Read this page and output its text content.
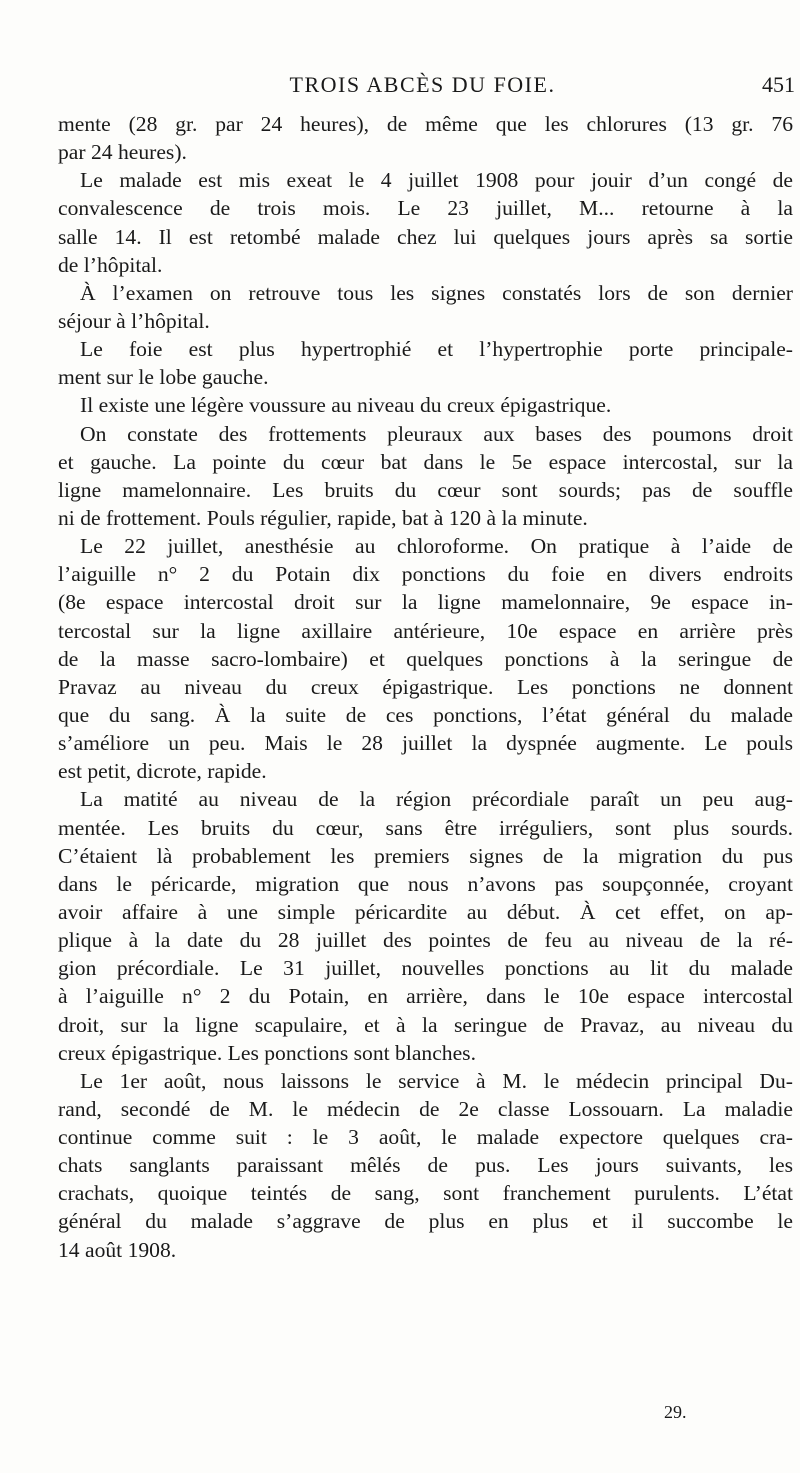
TROIS ABCÈS DU FOIE.	451
mente (28 gr. par 24 heures), de même que les chlorures (13 gr. 76
par 24 heures).
Le malade est mis exeat le 4 juillet 1908 pour jouir d’un congé de
convalescence de trois mois. Le 23 juillet, M... retourne à la
salle 14. Il est retombé malade chez lui quelques jours après sa sortie
de l’hôpital.
À l’examen on retrouve tous les signes constatés lors de son dernier
séjour à l’hôpital.
Le foie est plus hypertrophié et l’hypertrophie porte principale-
ment sur le lobe gauche.
Il existe une légère voussure au niveau du creux épigastrique.
On constate des frottements pleuraux aux bases des poumons droit
et gauche. La pointe du cœur bat dans le 5e espace intercostal, sur la
ligne mamelonnaire. Les bruits du cœur sont sourds; pas de souffle
ni de frottement. Pouls régulier, rapide, bat à 120 à la minute.
Le 22 juillet, anesthésie au chloroforme. On pratique à l’aide de
l’aiguille n° 2 du Potain dix ponctions du foie en divers endroits
(8e espace intercostal droit sur la ligne mamelonnaire, 9e espace in-
tercostal sur la ligne axillaire antérieure, 10e espace en arrière près
de la masse sacro-lombaire) et quelques ponctions à la seringue de
Pravaz au niveau du creux épigastrique. Les ponctions ne donnent
que du sang. À la suite de ces ponctions, l’état général du malade
s’améliore un peu. Mais le 28 juillet la dyspnée augmente. Le pouls
est petit, dicrote, rapide.
La matité au niveau de la région précordiale paraît un peu aug-
mentée. Les bruits du cœur, sans être irréguliers, sont plus sourds.
C’étaient là probablement les premiers signes de la migration du pus
dans le péricarde, migration que nous n’avons pas soupçonnée, croyant
avoir affaire à une simple péricardite au début. À cet effet, on ap-
plique à la date du 28 juillet des pointes de feu au niveau de la ré-
gion précordiale. Le 31 juillet, nouvelles ponctions au lit du malade
à l’aiguille n° 2 du Potain, en arrière, dans le 10e espace intercostal
droit, sur la ligne scapulaire, et à la seringue de Pravaz, au niveau du
creux épigastrique. Les ponctions sont blanches.
Le 1er août, nous laissons le service à M. le médecin principal Du-
rand, secondé de M. le médecin de 2e classe Lossouarn. La maladie
continue comme suit : le 3 août, le malade expectore quelques cra-
chats sanglants paraissant mêlés de pus. Les jours suivants, les
crachats, quoique teintés de sang, sont franchement purulents. L’état
général du malade s’aggrave de plus en plus et il succombe le
14 août 1908.
29.
